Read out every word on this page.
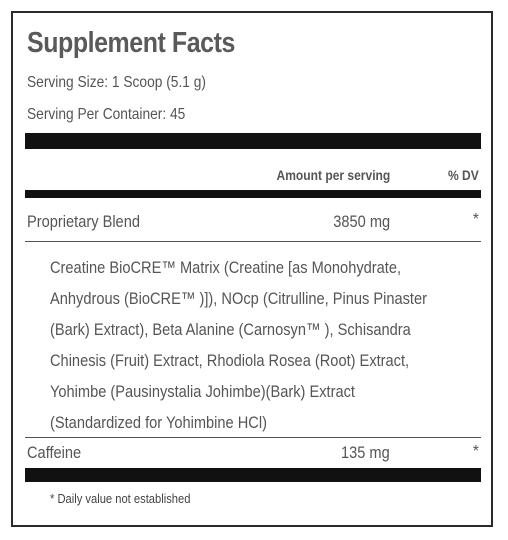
Supplement Facts
Serving Size: 1 Scoop (5.1 g)
Serving Per Container: 45
Amount per serving	% DV
Proprietary Blend	3850 mg	*
Creatine BioCRE™ Matrix (Creatine [as Monohydrate,
Anhydrous (BioCRE™ )]), NOcp (Citrulline, Pinus Pinaster
(Bark) Extract), Beta Alanine (Carnosyn™ ), Schisandra
Chinesis (Fruit) Extract, Rhodiola Rosea (Root) Extract,
Yohimbe (Pausinystalia Johimbe)(Bark) Extract
(Standardized for Yohimbine HCl)
Caffeine	135 mg	*
* Daily value not established
